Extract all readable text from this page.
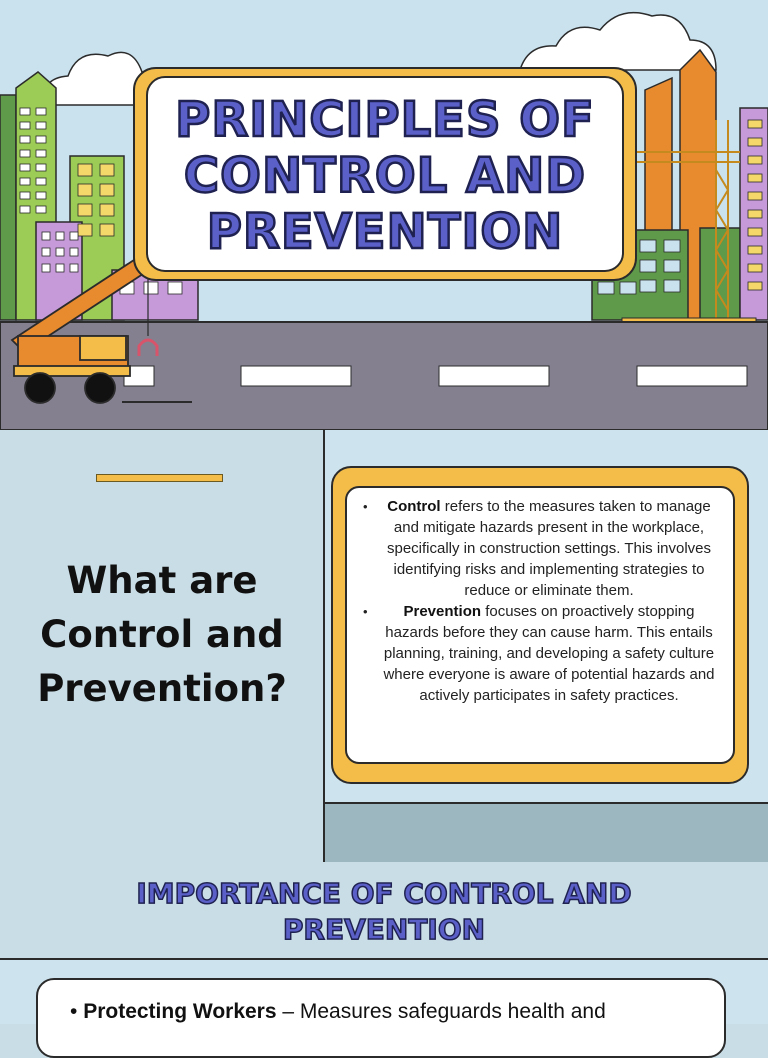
PRINCIPLES OF
CONTROL AND
PREVENTION
What are
Control and
Prevention?
• Control refers to the measures taken to manage and mitigate hazards present in the workplace, specifically in construction settings. This involves identifying risks and implementing strategies to reduce or eliminate them.
• Prevention focuses on proactively stopping hazards before they can cause harm. This entails planning, training, and developing a safety culture where everyone is aware of potential hazards and actively participates in safety practices.
IMPORTANCE OF CONTROL AND
PREVENTION
• Protecting Workers – Measures safeguards health and
